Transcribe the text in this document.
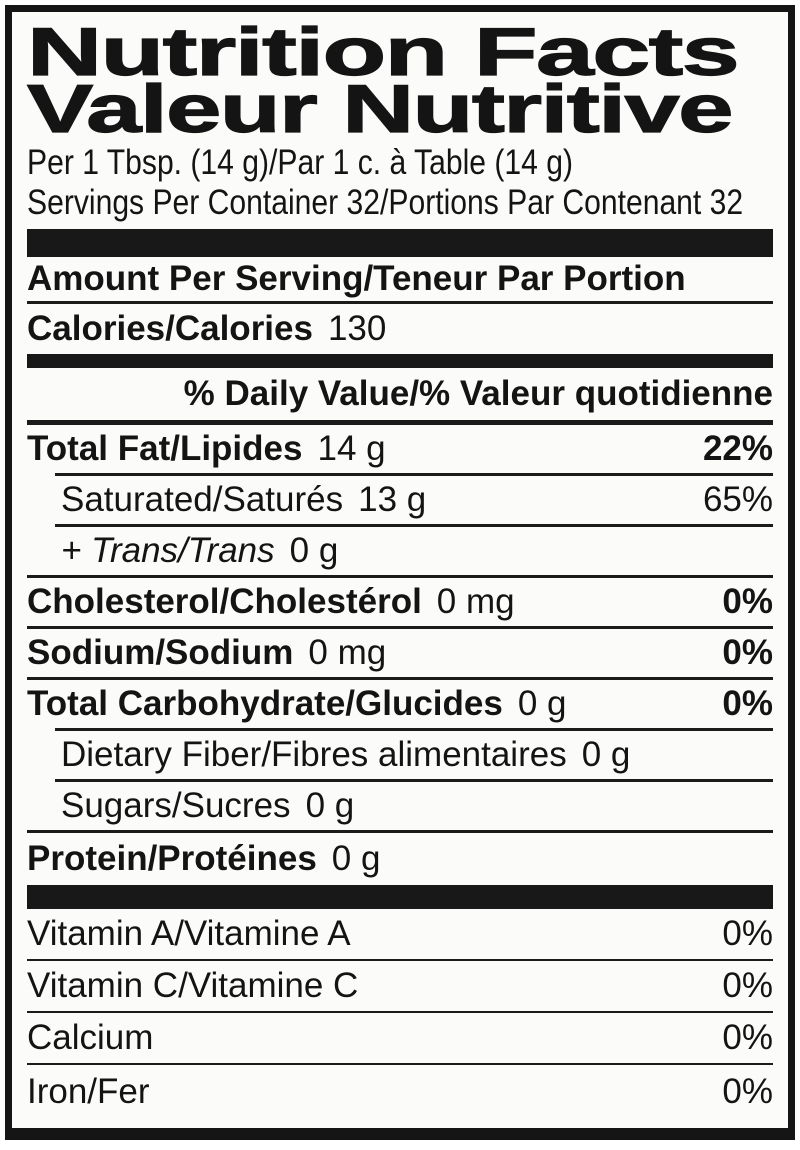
Nutrition Facts
Valeur Nutritive
Per 1 Tbsp. (14 g)/Par 1 c. à Table (14 g)
Servings Per Container 32/Portions Par Contenant 32
Amount Per Serving/Teneur Par Portion
Calories/Calories 130
% Daily Value/% Valeur quotidienne
Total Fat/Lipides 14 g	22%
Saturated/Saturés 13 g	65%
+ Trans/Trans 0 g
Cholesterol/Cholestérol 0 mg	0%
Sodium/Sodium 0 mg	0%
Total Carbohydrate/Glucides 0 g	0%
Dietary Fiber/Fibres alimentaires 0 g
Sugars/Sucres 0 g
Protein/Protéines 0 g
Vitamin A/Vitamine A	0%
Vitamin C/Vitamine C	0%
Calcium	0%
Iron/Fer	0%
